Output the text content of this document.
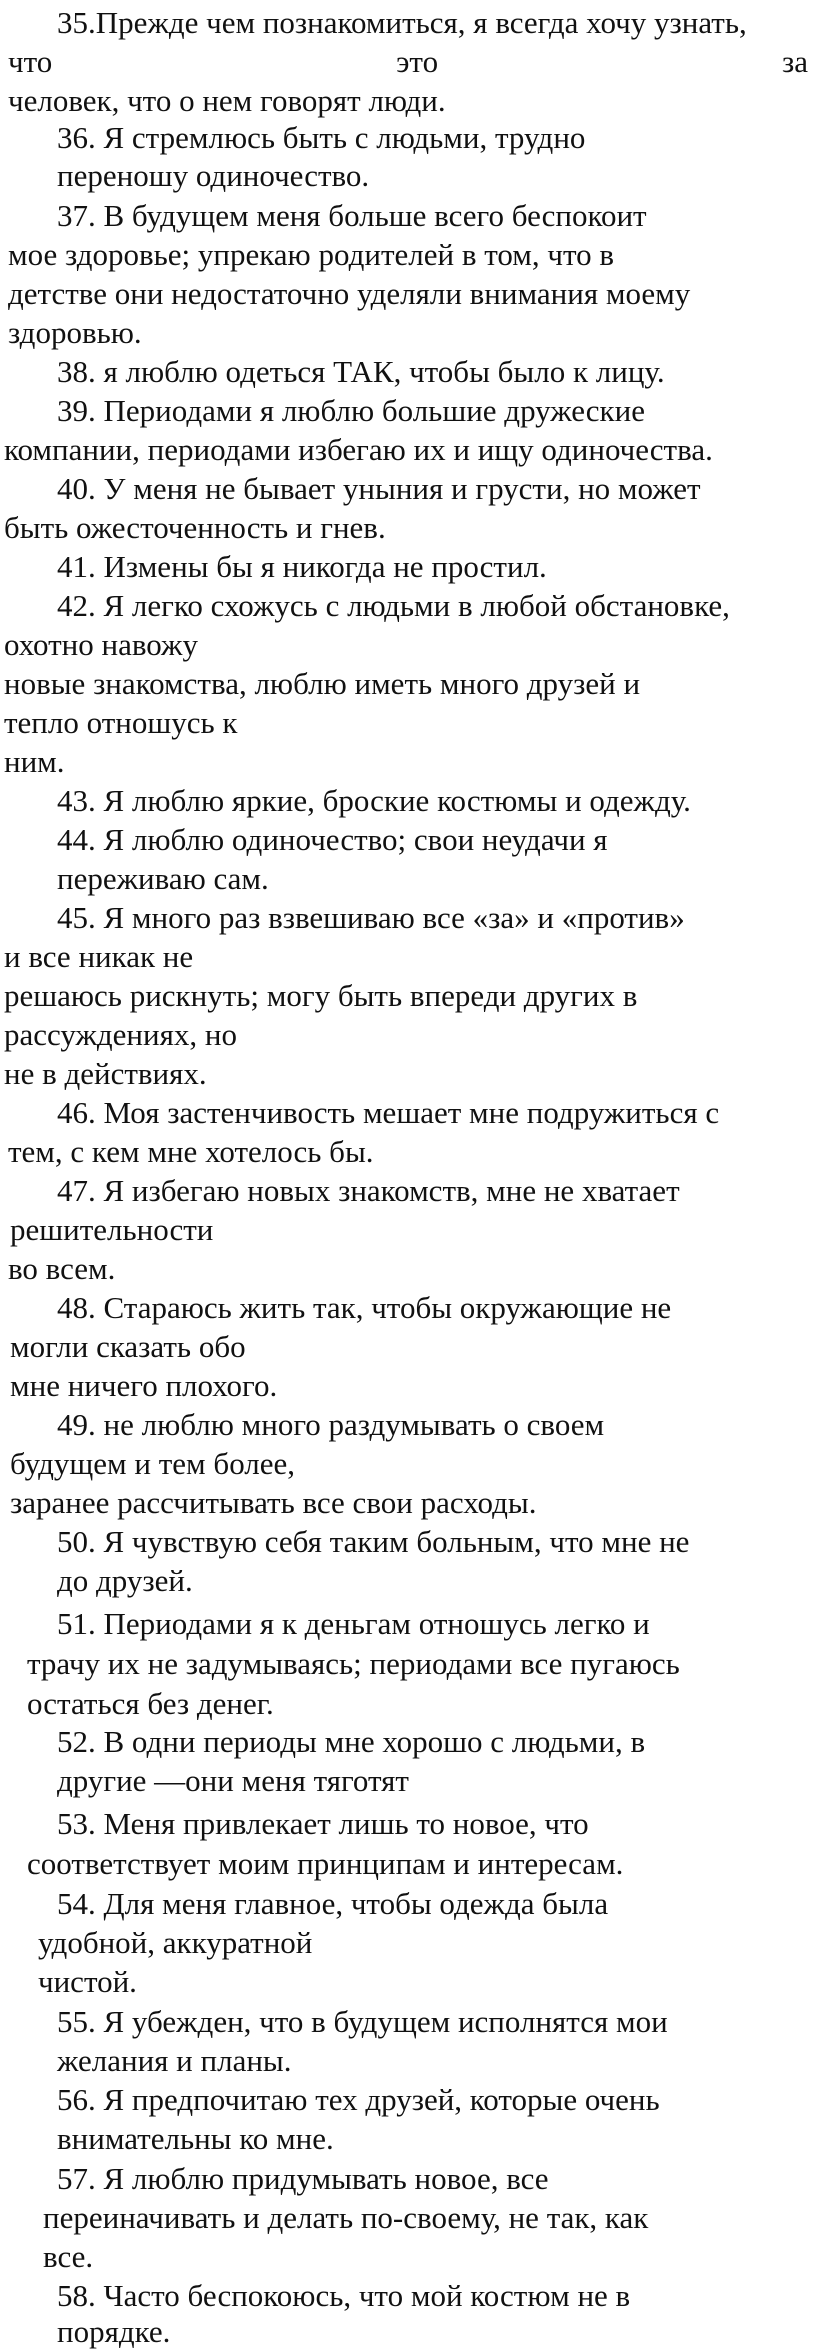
35.Прежде чем познакомиться, я всегда хочу узнать,
что	это	за
человек, что о нем говорят люди.
36. Я стремлюсь быть с людьми, трудно
переношу одиночество.
37. В будущем меня больше всего беспокоит
мое здоровье; упрекаю родителей в том, что в
детстве они недостаточно уделяли внимания моему
здоровью.
38. я люблю одеться ТАК, чтобы было к лицу.
39. Периодами я люблю большие дружеские
компании, периодами избегаю их и ищу одиночества.
40. У меня не бывает уныния и грусти, но может
быть ожесточенность и гнев.
41. Измены бы я никогда не простил.
42. Я легко схожусь с людьми в любой обстановке,
охотно навожу
новые знакомства, люблю иметь много друзей и
тепло отношусь к
ним.
43. Я люблю яркие, броские костюмы и одежду.
44. Я люблю одиночество; свои неудачи я
переживаю сам.
45. Я много раз взвешиваю все «за» и «против»
и все никак не
решаюсь рискнуть; могу быть впереди других в
рассуждениях, но
не в действиях.
46. Моя застенчивость мешает мне подружиться с
тем, с кем мне хотелось бы.
47. Я избегаю новых знакомств, мне не хватает
решительности
во всем.
48. Стараюсь жить так, чтобы окружающие не
могли сказать обо
мне ничего плохого.
49. не люблю много раздумывать о своем
будущем и тем более,
заранее рассчитывать все свои расходы.
50. Я чувствую себя таким больным, что мне не
до друзей.
51. Периодами я к деньгам отношусь легко и
трачу их не задумываясь; периодами все пугаюсь
остаться без денег.
52. В одни периоды мне хорошо с людьми, в
другие —они меня тяготят
53. Меня привлекает лишь то новое, что
соответствует моим принципам и интересам.
54. Для меня главное, чтобы одежда была
удобной, аккуратной
чистой.
55. Я убежден, что в будущем исполнятся мои
желания и планы.
56. Я предпочитаю тех друзей, которые очень
внимательны ко мне.
57. Я люблю придумывать новое, все
переиначивать и делать по-своему, не так, как
все.
58. Часто беспокоюсь, что мой костюм не в
порядке.
